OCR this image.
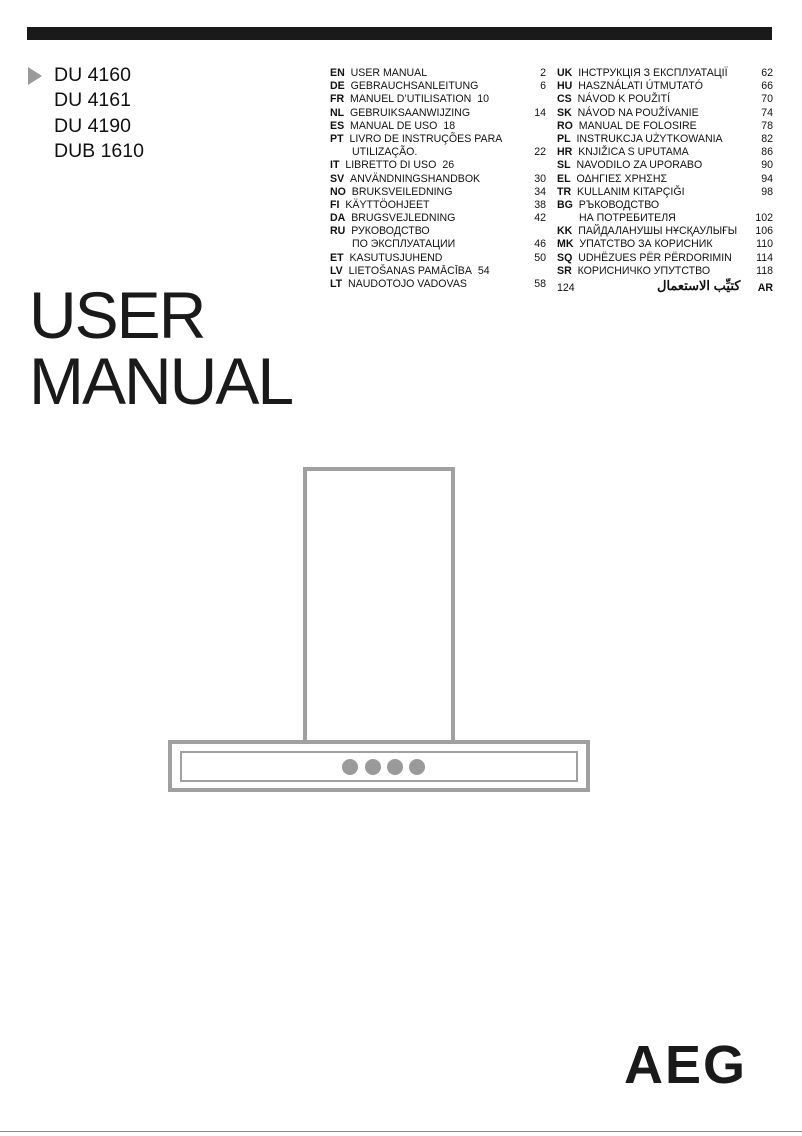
DU 4160
DU 4161
DU 4190
DUB 1610
USER
MANUAL
EN USER MANUAL	2
DE GEBRAUCHSANLEITUNG	6
FR MANUEL D’UTILISATION 10
NL GEBRUIKSAANWIJZING	14
ES MANUAL DE USO 18
PT LIVRO DE INSTRUÇÕES PARA
UTILIZAÇÃO.	22
IT LIBRETTO DI USO 26
SV ANVÄNDNINGSHANDBOK	30
NO BRUKSVEILEDNING	34
FI KÄYTTÖOHJEET	38
DA BRUGSVEJLEDNING	42
RU РУКОВОДСТВО
ПО ЭКСПЛУАТАЦИИ	46
ET KASUTUSJUHEND	50
LV LIETOŠANAS PAMĀCĪBA 54
LT NAUDOTOJO VADOVAS	58
UK ІНСТРУКЦІЯ З ЕКСПЛУАТАЦІЇ	62
HU HASZNÁLATI ÚTMUTATÓ	66
CS NÁVOD K POUŽITÍ	70
SK NÁVOD NA POUŽÍVANIE	74
RO MANUAL DE FOLOSIRE	78
PL INSTRUKCJA UŻYTKOWANIA	82
HR KNJIŽICA S UPUTAMA	86
SL NAVODILO ZA UPORABO	90
EL ΟΔΗΓΙΕΣ ΧΡΗΣΗΣ	94
TR KULLANIM KITAPÇIĞI	98
BG РЪКОВОДСТВО
НА ПОТРЕБИТЕЛЯ	102
KK ПАЙДАЛАНУШЫ НҰСҚАУЛЫҒЫ 106
MK УПАТСТВО ЗА КОРИСНИК	110
SQ UDHËZUES PËR PËRDORIMIN 114
SR КОРИСНИЧКО УПУТСТВО	118
124	كتيِّب الاستعمال AR
AEG
